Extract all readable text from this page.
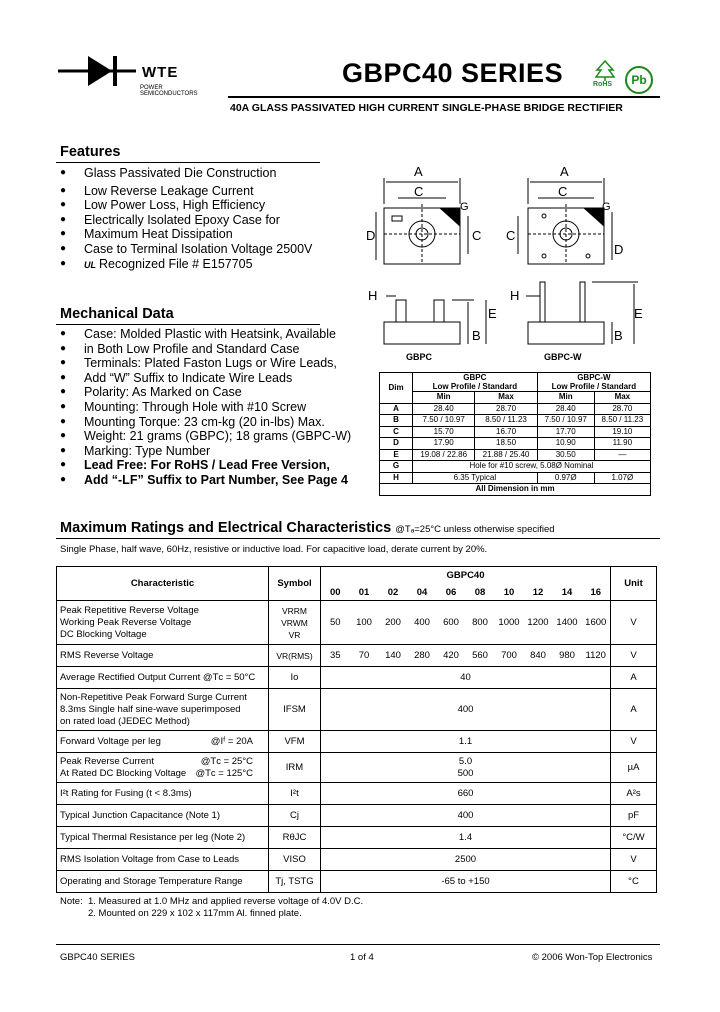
WTE
POWER SEMICONDUCTORS
GBPC40 SERIES	RoHS	Pb
40A GLASS PASSIVATED HIGH CURRENT SINGLE-PHASE BRIDGE RECTIFIER
Features
● Glass Passivated Die Construction
● Low Reverse Leakage Current
● Low Power Loss, High Efficiency
● Electrically Isolated Epoxy Case for
● Maximum Heat Dissipation
● Case to Terminal Isolation Voltage 2500V
● UL Recognized File # E157705
Mechanical Data
● Case: Molded Plastic with Heatsink, Available
● in Both Low Profile and Standard Case
● Terminals: Plated Faston Lugs or Wire Leads,
● Add “W” Suffix to Indicate Wire Leads
● Polarity: As Marked on Case
● Mounting: Through Hole with #10 Screw
● Mounting Torque: 23 cm-kg (20 in-lbs) Max.
● Weight: 21 grams (GBPC); 18 grams (GBPC-W)
● Marking: Type Number
● Lead Free: For RoHS / Lead Free Version,
● Add “-LF” Suffix to Part Number, See Page 4
A
C
D	C
G
A
C
C
D
G
H
B
E
GBPC
H
B
E
GBPC-W
Dim	GBPC
Low Profile / Standard		GBPC-W
Low Profile / Standard	
	Min	Max	Min	Max
A	28.40	28.70	28.40	28.70
B	7.50 / 10.97	8.50 / 11.23	7.50 / 10.97	8.50 / 11.23
C	15.70	16.70	17.70	19.10
D	17.90	18.50	10.90	11.90
E	19.08 / 22.86	21.88 / 25.40	30.50	—
G	Hole for #10 screw, 5.08Ø Nominal			
H	6.35 Typical		0.97Ø	1.07Ø
All Dimension in mm				
Maximum Ratings and Electrical Characteristics @Tₐ=25°C unless otherwise specified
Single Phase, half wave, 60Hz, resistive or inductive load. For capacitive load, derate current by 20%.
Characteristic	Symbol	GBPC40										Unit
		00	01	02	04	06	08	10	12	14	16	
Peak Repetitive Reverse Voltage
Working Peak Reverse Voltage
DC Blocking Voltage	VRRM
VRWM
VR	50	100	200	400	600	800	1000	1200	1400	1600	V
RMS Reverse Voltage	VR(RMS)	35	70	140	280	420	560	700	840	980	1120	V
Average Rectified Output Current @Tᴄ = 50°C	Io	40										A
Non-Repetitive Peak Forward Surge Current
8.3ms Single half sine-wave superimposed
on rated load (JEDEC Method)	IFSM	400										A
Forward Voltage per leg @Iᶠ = 20A	VFM	1.1										V
Peak Reverse Current @Tᴄ = 25°C

At Rated DC Blocking Voltage @Tᴄ = 125°C	IRM	5.0
500										µA
I²t Rating for Fusing (t < 8.3ms)	I²t	660										A²s
Typical Junction Capacitance (Note 1)	Cj	400										pF
Typical Thermal Resistance per leg (Note 2)	RθJC	1.4										°C/W
RMS Isolation Voltage from Case to Leads	VISO	2500										V
Operating and Storage Temperature Range	Tj, TSTG	-65 to +150										°C
Note: 1. Measured at 1.0 MHz and applied reverse voltage of 4.0V D.C.
2. Mounted on 229 x 102 x 117mm Al. finned plate.
GBPC40 SERIES	1 of 4	© 2006 Won-Top Electronics
